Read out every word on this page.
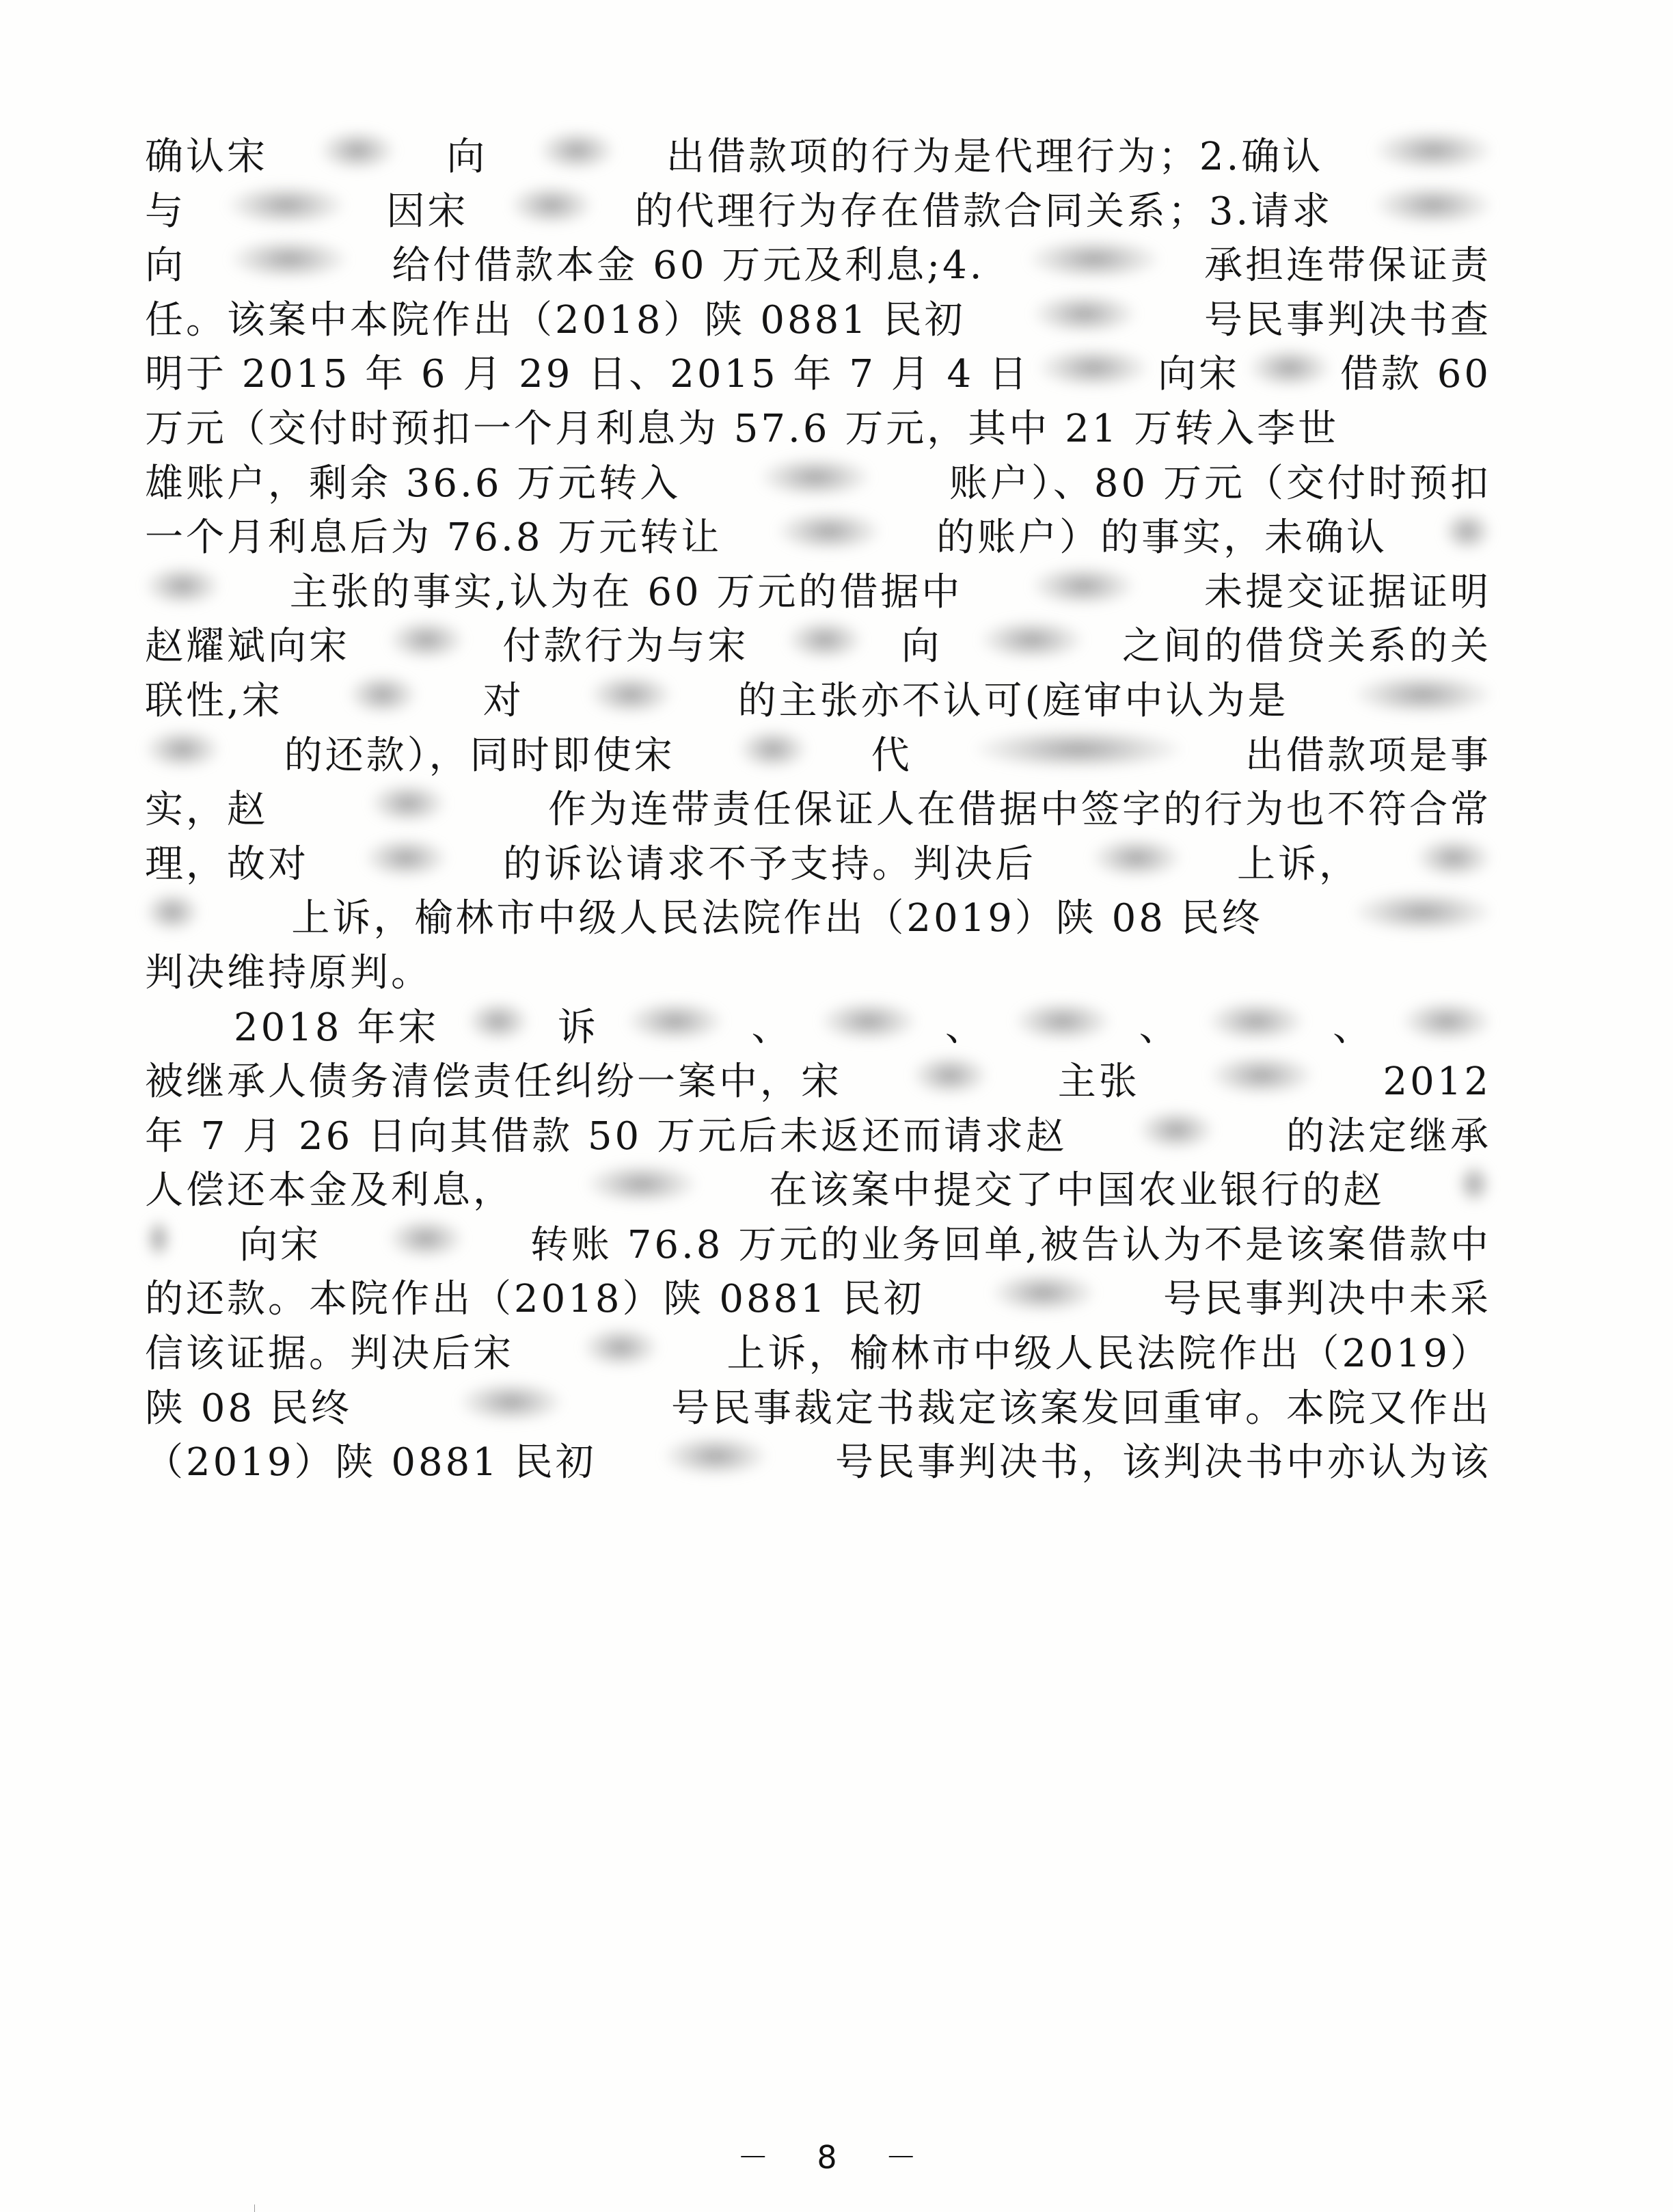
确认宋	向	出借款项的行为是代理行为；2.确认
与	因宋	的代理行为存在借款合同关系；3.请求
向	给付借款本金 60 万元及利息;4.	承担连带保证责
任。该案中本院作出（2018）陕 0881 民初	号民事判决书查
明于 2015 年 6 月 29 日、2015 年 7 月 4 日	向宋	借款 60
万元（交付时预扣一个月利息为 57.6 万元，其中 21 万转入李世
雄账户，剩余 36.6 万元转入	账户）、80 万元（交付时预扣
一个月利息后为 76.8 万元转让	的账户）的事实，未确认
主张的事实,认为在 60 万元的借据中	未提交证据证明
赵耀斌向宋	付款行为与宋	向	之间的借贷关系的关
联性,宋	对	的主张亦不认可(庭审中认为是
的还款），同时即使宋	代	出借款项是事
实，赵	作为连带责任保证人在借据中签字的行为也不符合常
理，故对	的诉讼请求不予支持。判决后	上诉，
上诉，榆林市中级人民法院作出（2019）陕 08 民终
判决维持原判。
2018 年宋	诉	、	、	、	、
被继承人债务清偿责任纠纷一案中，宋	主张	2012
年 7 月 26 日向其借款 50 万元后未返还而请求赵	的法定继承
人偿还本金及利息，	在该案中提交了中国农业银行的赵
向宋	转账 76.8 万元的业务回单,被告认为不是该案借款中
的还款。本院作出（2018）陕 0881 民初	号民事判决中未采
信该证据。判决后宋	上诉，榆林市中级人民法院作出（2019）
陕 08 民终	号民事裁定书裁定该案发回重审。本院又作出
（2019）陕 0881 民初	号民事判决书，该判决书中亦认为该
－ 8 －
